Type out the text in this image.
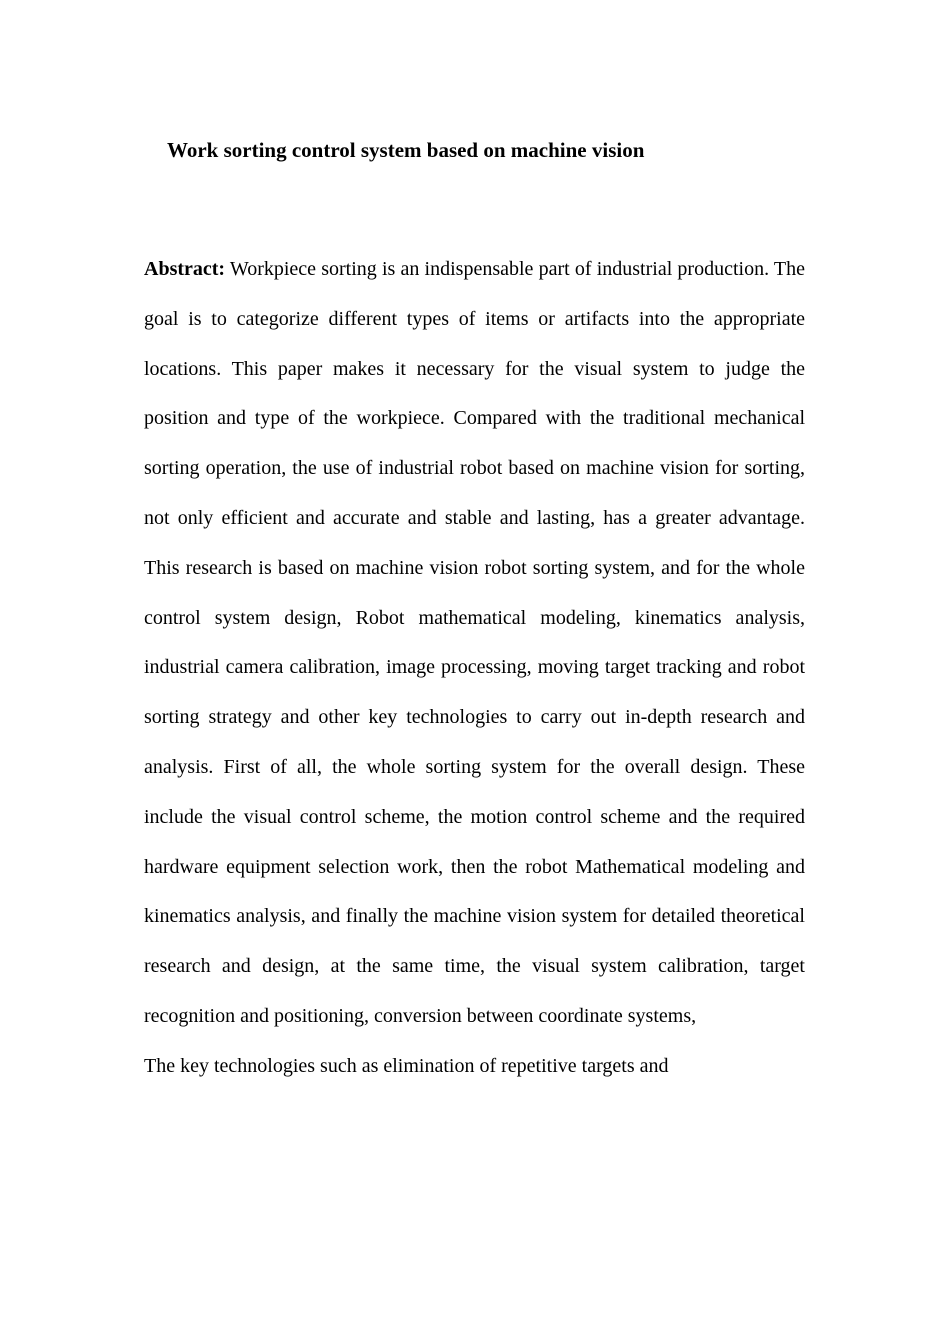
Work sorting control system based on machine vision

Abstract: Workpiece sorting is an indispensable part of industrial production. The goal is to categorize different types of items or artifacts into the appropriate locations. This paper makes it necessary for the visual system to judge the position and type of the workpiece. Compared with the traditional mechanical sorting operation, the use of industrial robot based on machine vision for sorting, not only efficient and accurate and stable and lasting, has a greater advantage. This research is based on machine vision robot sorting system, and for the whole control system design, Robot mathematical modeling, kinematics analysis, industrial camera calibration, image processing, moving target tracking and robot sorting strategy and other key technologies to carry out in-depth research and analysis. First of all, the whole sorting system for the overall design. These include the visual control scheme, the motion control scheme and the required hardware equipment selection work, then the robot Mathematical modeling and kinematics analysis, and finally the machine vision system for detailed theoretical research and design, at the same time, the visual system calibration, target recognition and positioning, conversion between coordinate systems,

The key technologies such as elimination of repetitive targets and
